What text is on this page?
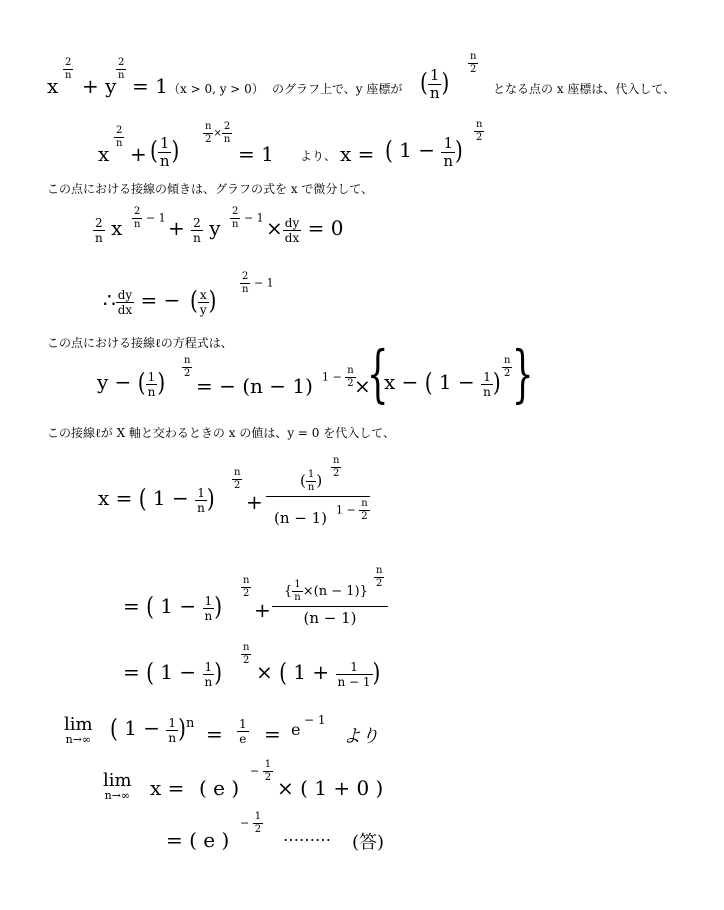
x
$\frac{2}{n}$
+ y
$\frac{2}{n}$
= 1 （x > 0, y > 0） のグラフ上で、y 座標が ( $\frac{1}{n}$ )
$\frac{n}{2}$
となる点の x 座標は、代入して、
x
$\frac{2}{n}$
+ ( $\frac{1}{n}$ )
$\frac{n}{2} \times \frac{2}{n}$
= 1 より、 x = ( $1 - \frac{1}{n}$ )
$\frac{n}{2}$
この点における接線の傾きは、グラフの式を x で微分して、
$\frac{2}{n}$ x $\frac{2}{n} - 1 + \frac{2}{n}$ y $\frac{2}{n} - 1 \times \frac{dy}{dx} = 0$
∴ $\frac{dy}{dx}$ = − ( $\frac{x}{y}$ )
$\frac{2}{n} - 1$
この点における接線ℓの方程式は、
y − ( $\frac{1}{n}$ ) $\frac{n}{2}$
= − (n − 1) $1 - \frac{n}{2}$
×
{
x − ( $1 - \frac{1}{n}$ ) $\frac{n}{2}$ }
この接線ℓが X 軸と交わるときの x の値は、y = 0 を代入して、
x = ( $1 - \frac{1}{n}$ )
$\frac{n}{2}$
+
( $\frac{1}{n}$ )
$\frac{n}{2}$
(n − 1) $1 - \frac{n}{2}$
= ( $1 - \frac{1}{n}$ )
$\frac{n}{2}$
+
{ $\frac{1}{n} \times(n - 1)$}
$\frac{n}{2}$
(n − 1)
= ( $1 - \frac{1}{n}$ )
$\frac{n}{2}$
× ( $1 + \frac{1}{n - 1}$ )
lim
n→∞ ( $1 - \frac{1}{n}$ ) $n = \frac{1}{e} = e - 1$
より
lim
n→∞ x = ( e )
− $\frac{1}{2}$
× ( 1 + 0 )
= ( e )
− $\frac{1}{2}$
……… (答)
